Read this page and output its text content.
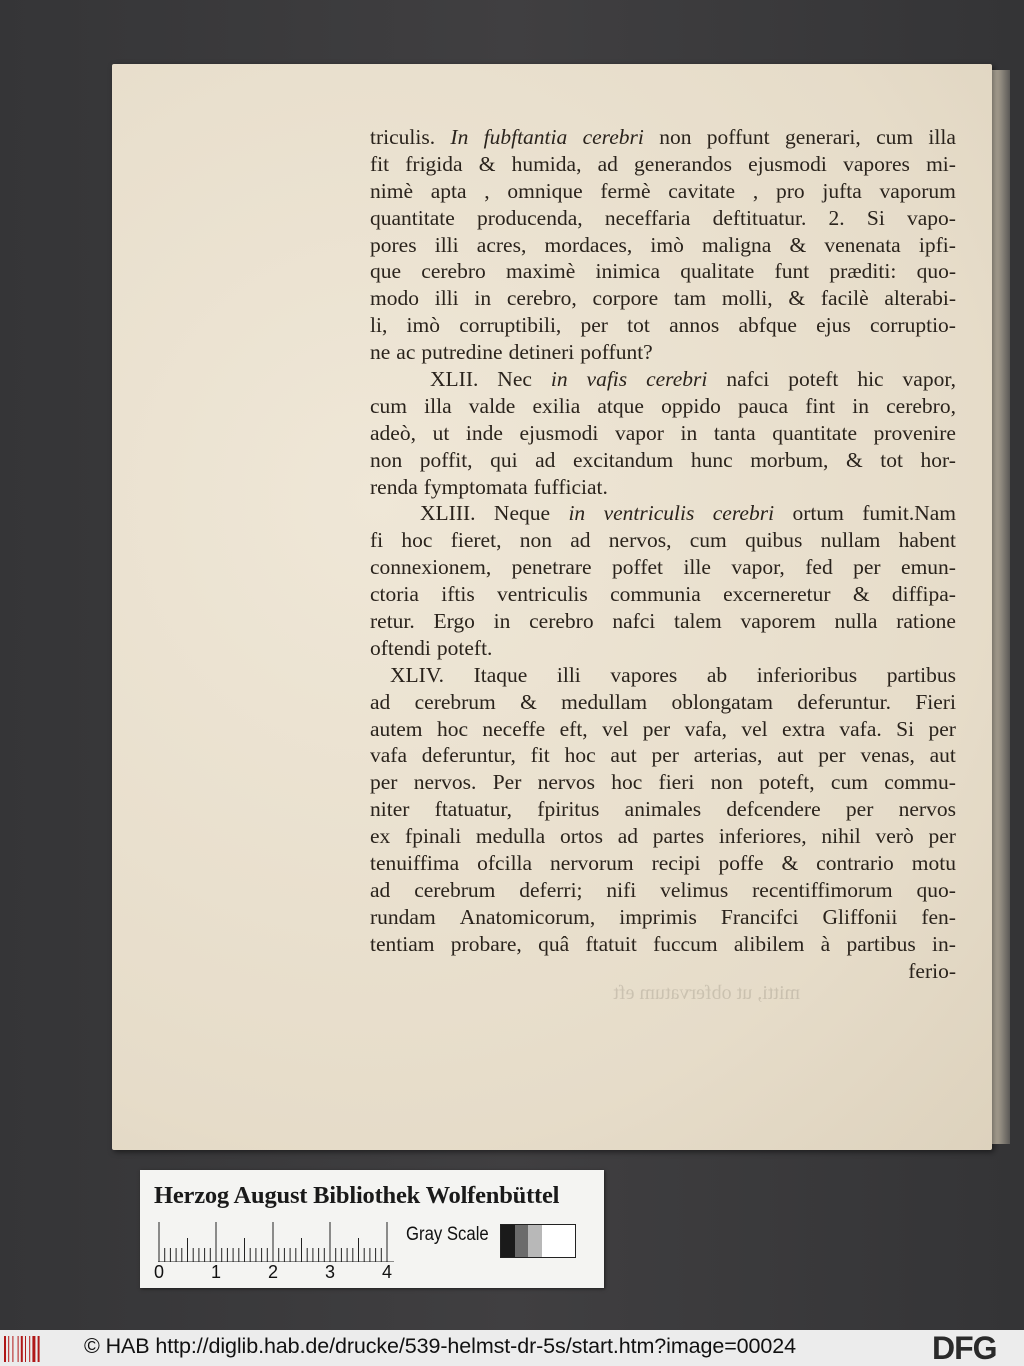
mitti, ut obfervatum eft
triculis. In fubftantia cerebri non poffunt generari, cum illa
fit frigida & humida, ad generandos ejusmodi vapores mi-
nimè apta , omnique fermè cavitate , pro jufta vaporum
quantitate producenda, neceffaria deftituatur. 2. Si vapo-
pores illi acres, mordaces, imò maligna & venenata ipfi-
que cerebro maximè inimica qualitate funt præditi: quo-
modo illi in cerebro, corpore tam molli, & facilè alterabi-
li, imò corruptibili, per tot annos abfque ejus corruptio-
ne ac putredine detineri poffunt?
XLII. Nec in vafis cerebri nafci poteft hic vapor,
cum illa valde exilia atque oppido pauca fint in cerebro,
adeò, ut inde ejusmodi vapor in tanta quantitate provenire
non poffit, qui ad excitandum hunc morbum, & tot hor-
renda fymptomata fufficiat.
XLIII. Neque in ventriculis cerebri ortum fumit.Nam
fi hoc fieret, non ad nervos, cum quibus nullam habent
connexionem, penetrare poffet ille vapor, fed per emun-
ctoria iftis ventriculis communia excerneretur & diffipa-
retur. Ergo in cerebro nafci talem vaporem nulla ratione
oftendi poteft.
XLIV. Itaque illi vapores ab inferioribus partibus
ad cerebrum & medullam oblongatam deferuntur. Fieri
autem hoc neceffe eft, vel per vafa, vel extra vafa. Si per
vafa deferuntur, fit hoc aut per arterias, aut per venas, aut
per nervos. Per nervos hoc fieri non poteft, cum commu-
niter ftatuatur, fpiritus animales defcendere per nervos
ex fpinali medulla ortos ad partes inferiores, nihil verò per
tenuiffima ofcilla nervorum recipi poffe & contrario motu
ad cerebrum deferri; nifi velimus recentiffimorum quo-
rundam Anatomicorum, imprimis Francifci Gliffonii fen-
tentiam probare, quâ ftatuit fuccum alibilem à partibus in-
ferio-
Herzog August Bibliothek Wolfenbüttel
0	1	2	3	4
Gray Scale
© HAB http://diglib.hab.de/drucke/539-helmst-dr-5s/start.htm?image=00024	DFG
